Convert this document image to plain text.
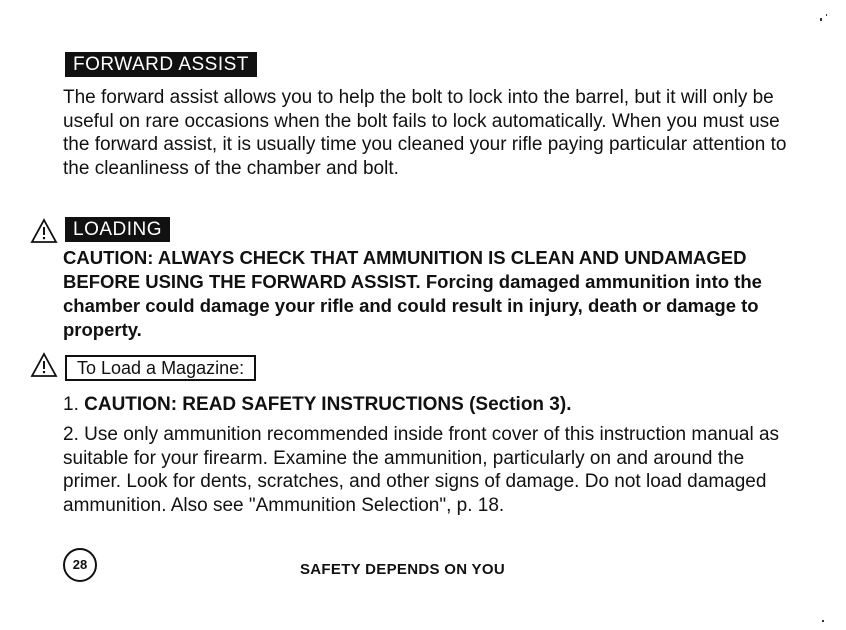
FORWARD ASSIST

The forward assist allows you to help the bolt to lock into the barrel, but it will only be useful on rare occasions when the bolt fails to lock automatically. When you must use the forward assist, it is usually time you cleaned your rifle paying particular attention to the cleanliness of the chamber and bolt.

LOADING

CAUTION: ALWAYS CHECK THAT AMMUNITION IS CLEAN AND UNDAMAGED BEFORE USING THE FORWARD ASSIST. Forcing damaged ammunition into the chamber could damage your rifle and could result in injury, death or damage to property.

To Load a Magazine:

1. CAUTION: READ SAFETY INSTRUCTIONS (Section 3).

2. Use only ammunition recommended inside front cover of this instruction manual as suitable for your firearm. Examine the ammunition, particularly on and around the primer. Look for dents, scratches, and other signs of damage. Do not load damaged ammunition. Also see "Ammunition Selection", p. 18.

28	SAFETY DEPENDS ON YOU
